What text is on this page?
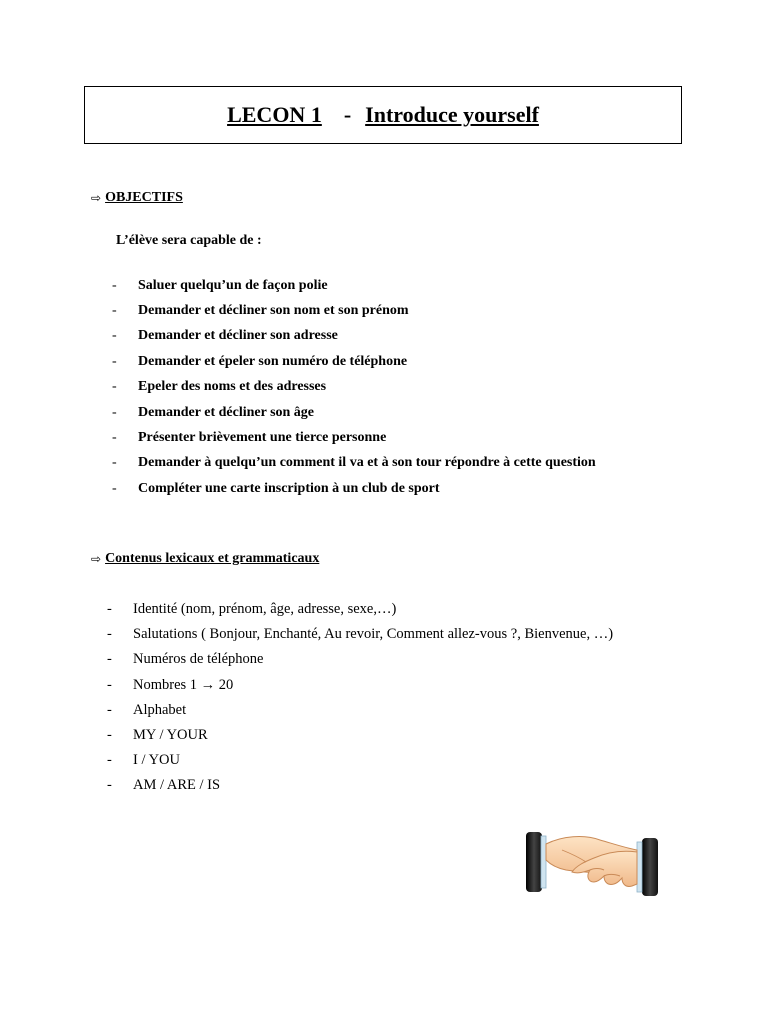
LECON 1 - Introduce yourself
⇨ OBJECTIFS
L’élève sera capable de :
-	Saluer quelqu’un de façon polie
-	Demander et décliner son nom et son prénom
-	Demander et décliner son adresse
-	Demander et épeler son numéro de téléphone
-	Epeler des noms et des adresses
-	Demander et décliner son âge
-	Présenter brièvement une tierce personne
-	Demander à quelqu’un comment il va et à son tour répondre à cette question
-	Compléter une carte inscription à un club de sport
⇨ Contenus lexicaux et grammaticaux
-	Identité (nom, prénom, âge, adresse, sexe,…)
-	Salutations ( Bonjour, Enchanté, Au revoir, Comment allez-vous ?, Bienvenue, …)
-	Numéros de téléphone
-	Nombres 1 → 20
-	Alphabet
-	MY / YOUR
-	I / YOU
-	AM / ARE / IS
